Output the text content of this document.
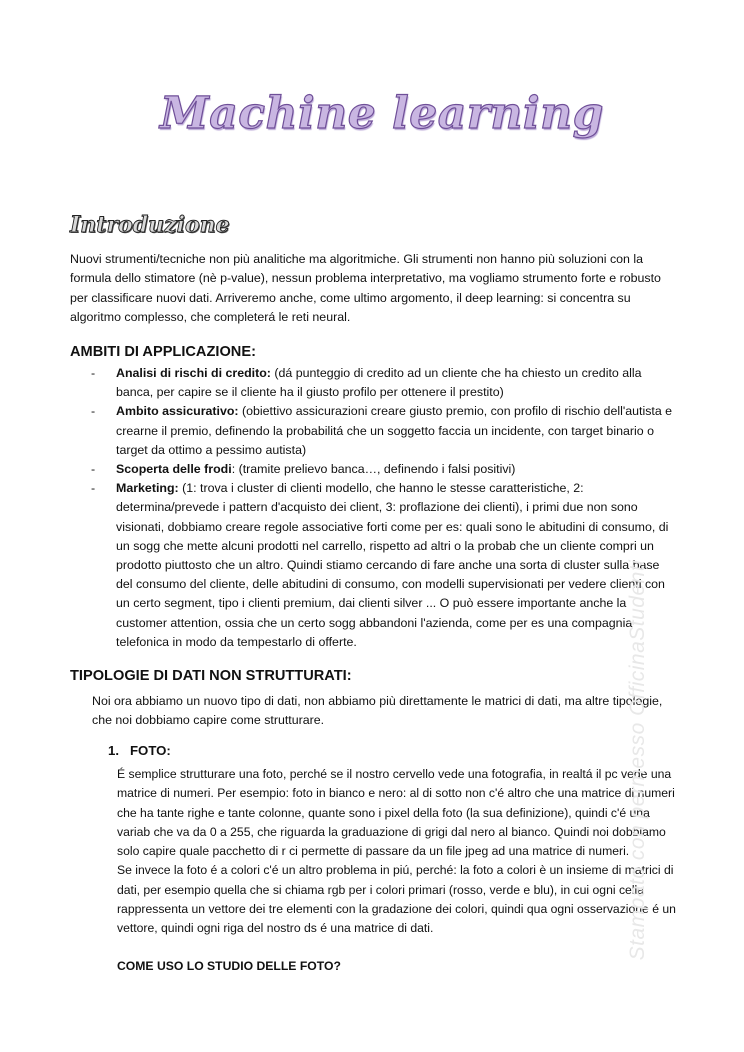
Machine learning
Introduzione
Nuovi strumenti/tecniche non più analitiche ma algoritmiche. Gli strumenti non hanno più soluzioni con la formula dello stimatore (nè p-value), nessun problema interpretativo, ma vogliamo strumento forte e robusto per classificare nuovi dati. Arriveremo anche, come ultimo argomento, il deep learning: si concentra su algoritmo complesso, che completerá le reti neural.
AMBITI DI APPLICAZIONE:
- Analisi di rischi di credito: (dá punteggio di credito ad un cliente che ha chiesto un credito alla banca, per capire se il cliente ha il giusto profilo per ottenere il prestito)
- Ambito assicurativo: (obiettivo assicurazioni creare giusto premio, con profilo di rischio dell'autista e crearne il premio, definendo la probabilitá che un soggetto faccia un incidente, con target binario o target da ottimo a pessimo autista)
- Scoperta delle frodi: (tramite prelievo banca…, definendo i falsi positivi)
- Marketing: (1: trova i cluster di clienti modello, che hanno le stesse caratteristiche, 2: determina/prevede i pattern d'acquisto dei client, 3: proflazione dei clienti), i primi due non sono visionati, dobbiamo creare regole associative forti come per es: quali sono le abitudini di consumo, di un sogg che mette alcuni prodotti nel carrello, rispetto ad altri o la probab che un cliente compri un prodotto piuttosto che un altro. Quindi stiamo cercando di fare anche una sorta di cluster sulla base del consumo del cliente, delle abitudini di consumo, con modelli supervisionati per vedere clienti con un certo segment, tipo i clienti premium, dai clienti silver ... O può essere importante anche la customer attention, ossia che un certo sogg abbandoni l'azienda, come per es una compagnia telefonica in modo da tempestarlo di offerte.
TIPOLOGIE DI DATI NON STRUTTURATI:
Noi ora abbiamo un nuovo tipo di dati, non abbiamo più direttamente le matrici di dati, ma altre tipologie, che noi dobbiamo capire come strutturare.
1. FOTO:
É semplice strutturare una foto, perché se il nostro cervello vede una fotografia, in realtá il pc vede una matrice di numeri. Per esempio: foto in bianco e nero: al di sotto non c'é altro che una matrice di numeri che ha tante righe e tante colonne, quante sono i pixel della foto (la sua definizione), quindi c'é una variab che va da 0 a 255, che riguarda la graduazione di grigi dal nero al bianco. Quindi noi dobbiamo solo capire quale pacchetto di r ci permette di passare da un file jpeg ad una matrice di numeri.
Se invece la foto é a colori c'é un altro problema in piú, perché: la foto a colori è un insieme di matrici di dati, per esempio quella che si chiama rgb per i colori primari (rosso, verde e blu), in cui ogni cella rappressenta un vettore dei tre elementi con la gradazione dei colori, quindi qua ogni osservazione é un vettore, quindi ogni riga del nostro ds é una matrice di dati.
COME USO LO STUDIO DELLE FOTO?
Stampato con permesso OfficinaStudenti
